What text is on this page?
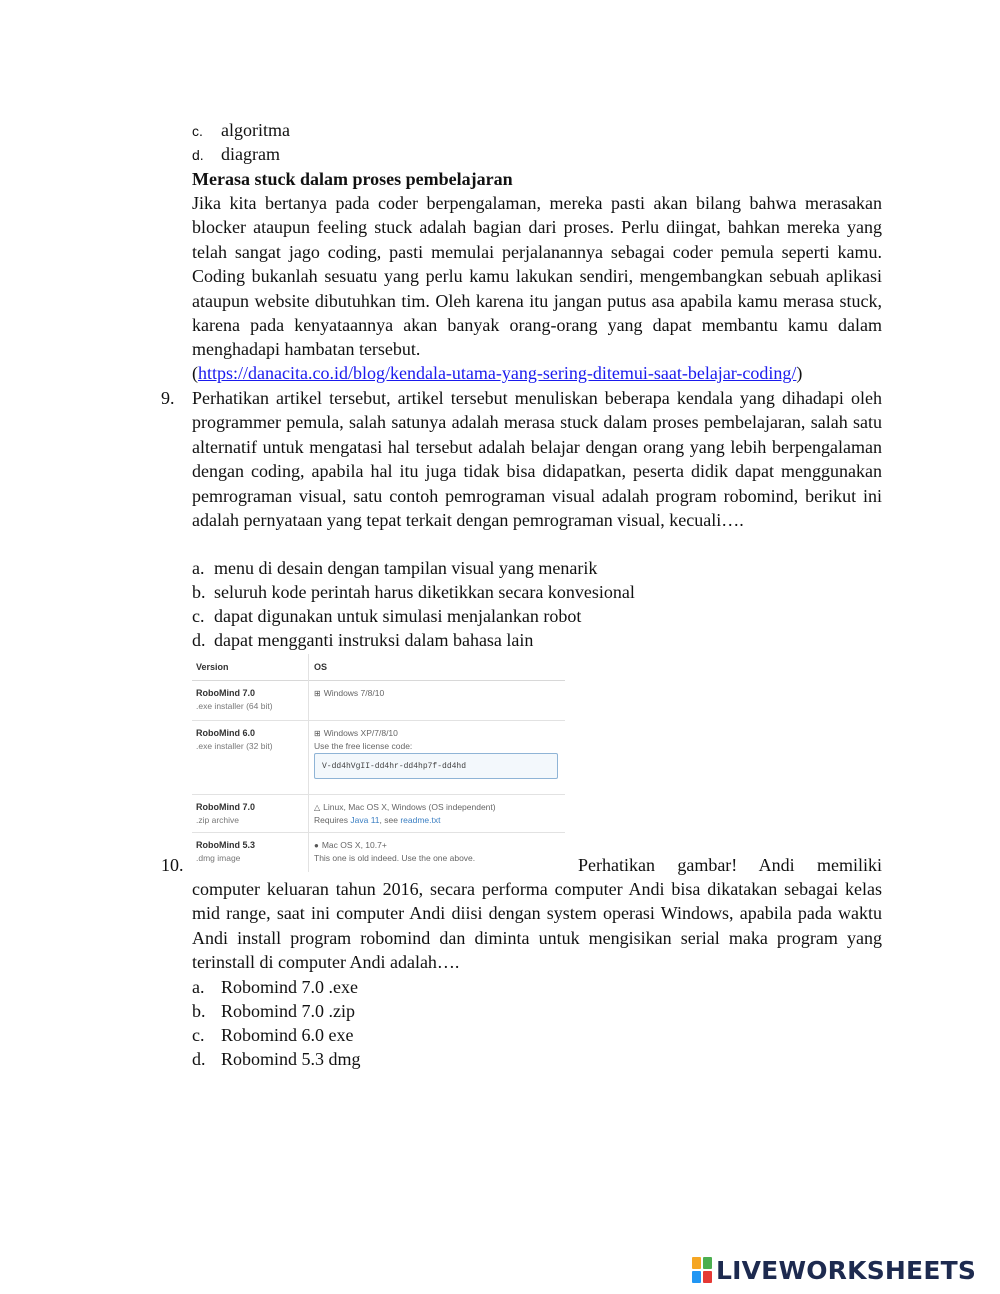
c. algoritma
d. diagram
Merasa stuck dalam proses pembelajaran
Jika kita bertanya pada coder berpengalaman, mereka pasti akan bilang bahwa merasakan blocker ataupun feeling stuck adalah bagian dari proses. Perlu diingat, bahkan mereka yang telah sangat jago coding, pasti memulai perjalanannya sebagai coder pemula seperti kamu. Coding bukanlah sesuatu yang perlu kamu lakukan sendiri, mengembangkan sebuah aplikasi ataupun website dibutuhkan tim. Oleh karena itu jangan putus asa apabila kamu merasa stuck, karena pada kenyataannya akan banyak orang-orang yang dapat membantu kamu dalam menghadapi hambatan tersebut.
(https://danacita.co.id/blog/kendala-utama-yang-sering-ditemui-saat-belajar-coding/)
9. Perhatikan artikel tersebut, artikel tersebut menuliskan beberapa kendala yang dihadapi oleh programmer pemula, salah satunya adalah merasa stuck dalam proses pembelajaran, salah satu alternatif untuk mengatasi hal tersebut adalah belajar dengan orang yang lebih berpengalaman dengan coding, apabila hal itu juga tidak bisa didapatkan, peserta didik dapat menggunakan pemrograman visual, satu contoh pemrograman visual adalah program robomind, berikut ini adalah pernyataan yang tepat terkait dengan pemrograman visual, kecuali….
a. menu di desain dengan tampilan visual yang menarik
b. seluruh kode perintah harus diketikkan secara konvesional
c. dapat digunakan untuk simulasi menjalankan robot
d. dapat mengganti instruksi dalam bahasa lain
Version	OS
RoboMind 7.0
.exe installer (64 bit)
⊞ Windows 7/8/10
RoboMind 6.0
.exe installer (32 bit)
⊞ Windows XP/7/8/10
Use the free license code:
V-dd4hVgII-dd4hr-dd4hp7f-dd4hd
RoboMind 7.0
.zip archive
△ Linux, Mac OS X, Windows (OS independent)
Requires Java 11, see readme.txt
RoboMind 5.3
.dmg image
● Mac OS X, 10.7+
This one is old indeed. Use the one above.
10.	Perhatikan gambar! Andi memiliki
computer keluaran tahun 2016, secara performa computer Andi bisa dikatakan sebagai kelas mid range, saat ini computer Andi diisi dengan system operasi Windows, apabila pada waktu Andi install program robomind dan diminta untuk mengisikan serial maka program yang terinstall di computer Andi adalah….
a. Robomind 7.0 .exe
b. Robomind 7.0 .zip
c. Robomind 6.0 exe
d. Robomind 5.3 dmg
LIVEWORKSHEETS
